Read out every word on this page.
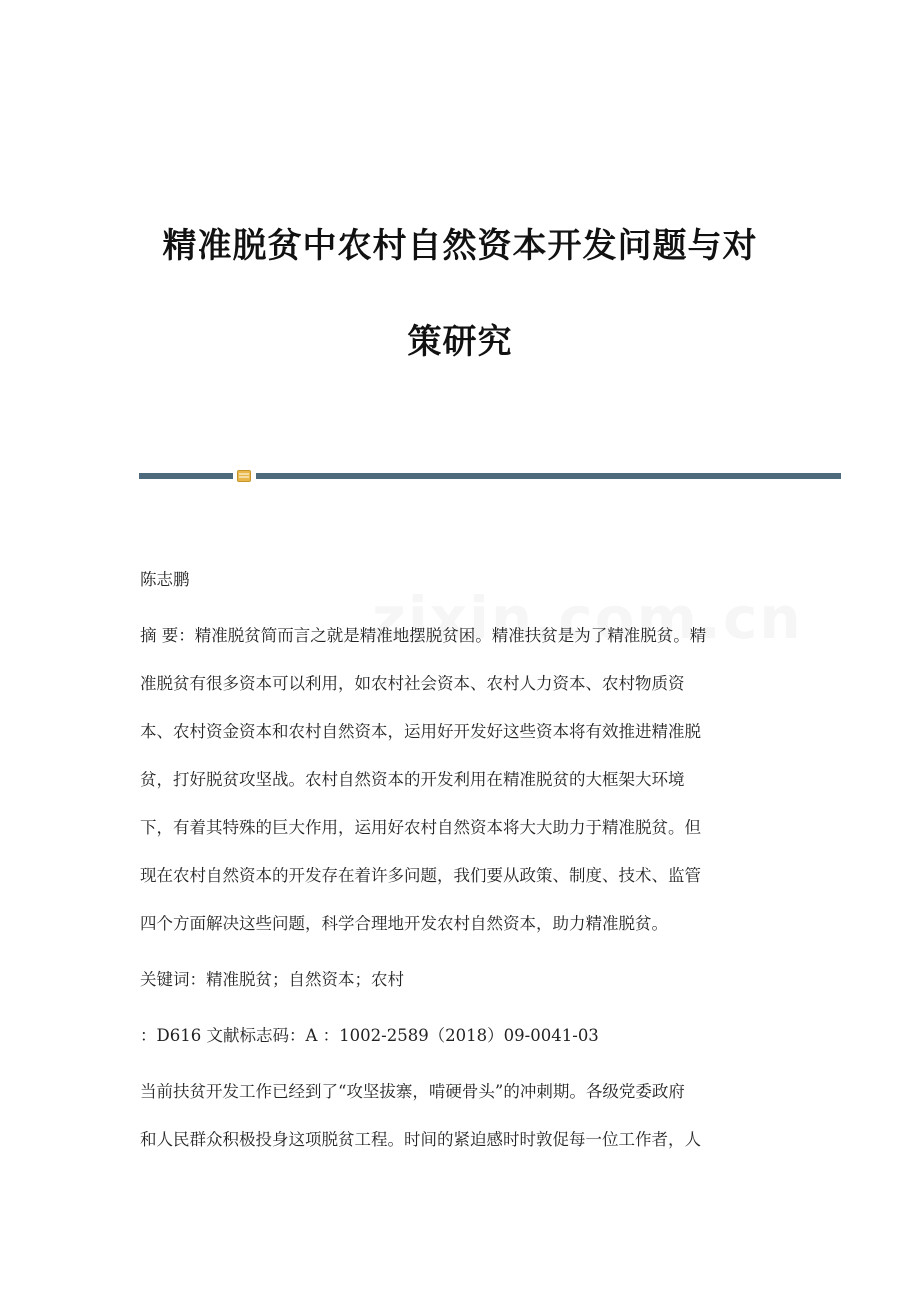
精准脱贫中农村自然资本开发问题与对
策研究
陈志鹏
摘 要：精准脱贫简而言之就是精准地摆脱贫困。精准扶贫是为了精准脱贫。精
准脱贫有很多资本可以利用，如农村社会资本、农村人力资本、农村物质资
本、农村资金资本和农村自然资本，运用好开发好这些资本将有效推进精准脱
贫，打好脱贫攻坚战。农村自然资本的开发利用在精准脱贫的大框架大环境
下，有着其特殊的巨大作用，运用好农村自然资本将大大助力于精准脱贫。但
现在农村自然资本的开发存在着许多问题，我们要从政策、制度、技术、监管
四个方面解决这些问题，科学合理地开发农村自然资本，助力精准脱贫。
关键词：精准脱贫；自然资本；农村
：D616 文献标志码：A ：1002-2589（2018）09-0041-03
当前扶贫开发工作已经到了“攻坚拔寨，啃硬骨头”的冲刺期。各级党委政府
和人民群众积极投身这项脱贫工程。时间的紧迫感时时敦促每一位工作者，人
